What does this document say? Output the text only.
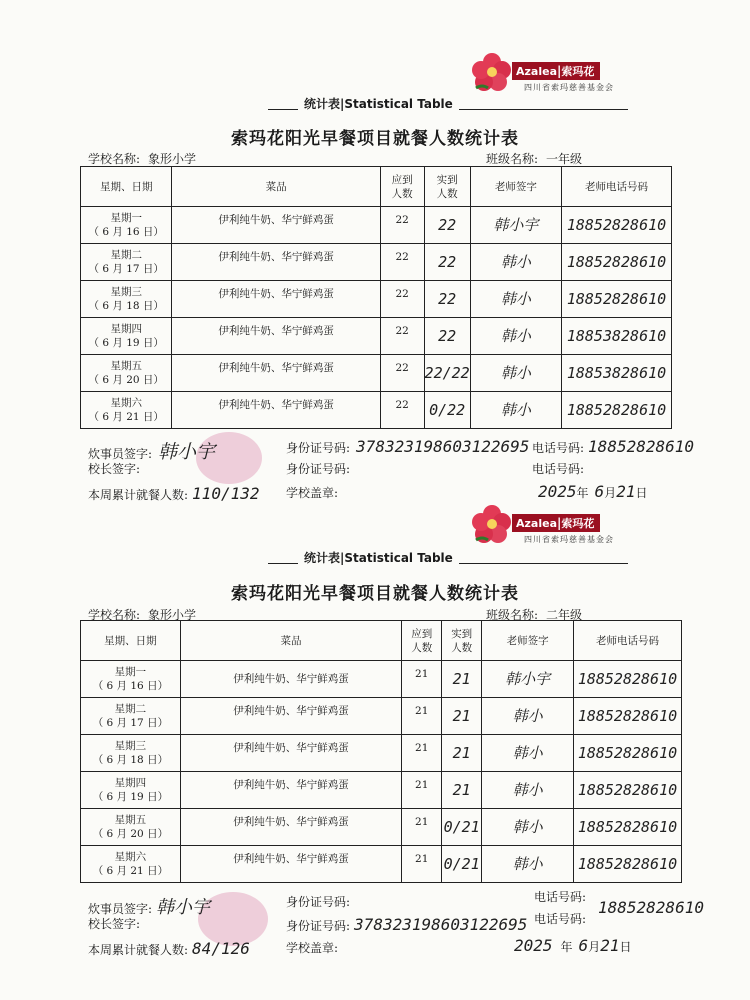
Azalea|索玛花
四川省索玛慈善基金会
统计表|Statistical Table
索玛花阳光早餐项目就餐人数统计表
学校名称: 象形小学	班级名称: 一年级
星期、日期	菜品	应到
人数	实到
人数	老师签字	老师电话号码

星期一
（ 6 月 16 日）	伊利纯牛奶、华宁鲜鸡蛋	22	22	韩小宇	18852828610

星期二
（ 6 月 17 日）	伊利纯牛奶、华宁鲜鸡蛋	22	22	韩小	18852828610

星期三
（ 6 月 18 日）	伊利纯牛奶、华宁鲜鸡蛋	22	22	韩小	18852828610

星期四
（ 6 月 19 日）	伊利纯牛奶、华宁鲜鸡蛋	22	22	韩小	18853828610

星期五
（ 6 月 20 日）	伊利纯牛奶、华宁鲜鸡蛋	22	22/22	韩小	18853828610

星期六
（ 6 月 21 日）	伊利纯牛奶、华宁鲜鸡蛋	22	0/22	韩小	18852828610
炊事员签字: 韩小宇	身份证号码: 378323198603122695 电话号码: 18852828610
校长签字:	身份证号码:	电话号码:
本周累计就餐人数: 110/132 学校盖章:	2025年 6月21日
Azalea|索玛花
四川省索玛慈善基金会
统计表|Statistical Table
索玛花阳光早餐项目就餐人数统计表
学校名称: 象形小学	班级名称: 二年级
星期、日期	菜品	应到
人数	实到
人数	老师签字	老师电话号码

星期一
（ 6 月 16 日）	伊利纯牛奶、华宁鲜鸡蛋	21	21	韩小宇	18852828610

星期二
（ 6 月 17 日）	伊利纯牛奶、华宁鲜鸡蛋	21	21	韩小	18852828610

星期三
（ 6 月 18 日）	伊利纯牛奶、华宁鲜鸡蛋	21	21	韩小	18852828610

星期四
（ 6 月 19 日）	伊利纯牛奶、华宁鲜鸡蛋	21	21	韩小	18852828610

星期五
（ 6 月 20 日）	伊利纯牛奶、华宁鲜鸡蛋	21	0/21	韩小	18852828610

星期六
（ 6 月 21 日）	伊利纯牛奶、华宁鲜鸡蛋	21	0/21	韩小	18852828610
炊事员签字: 韩小宇	身份证号码:	电话号码:
校长签字:	身份证号码: 378323198603122695 电话号码:
18852828610
本周累计就餐人数: 84/126	学校盖章:	2025 年 6月21日
